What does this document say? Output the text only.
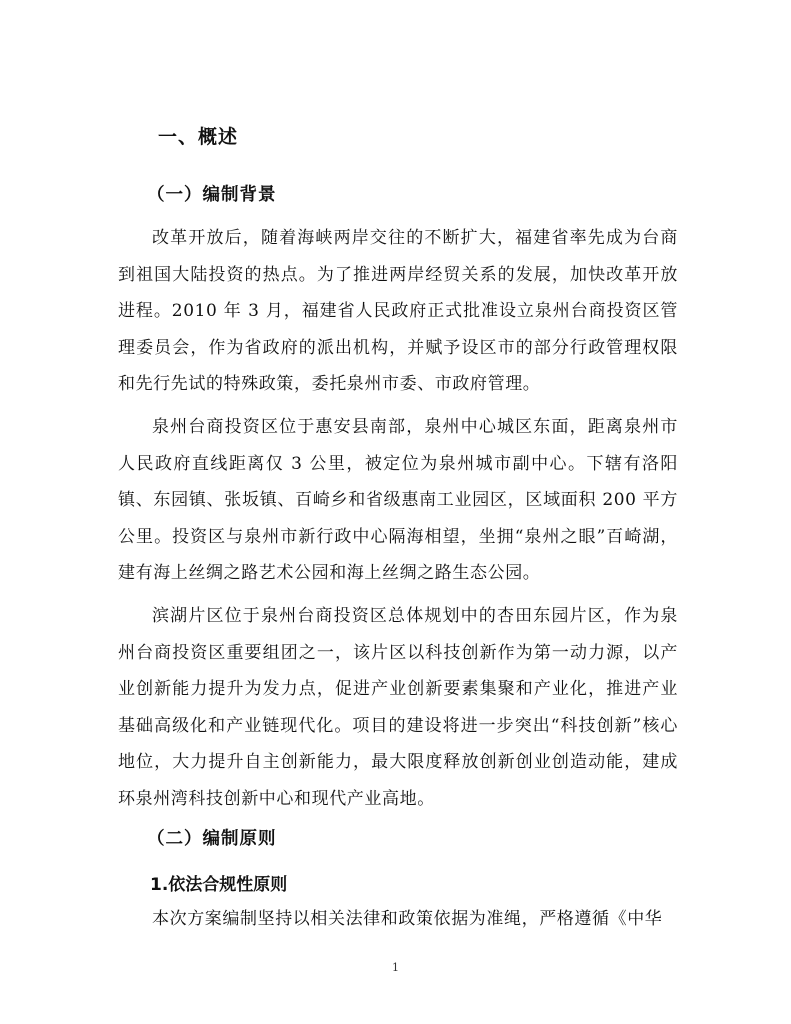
一、概述
（一）编制背景
改革开放后，随着海峡两岸交往的不断扩大，福建省率先成为台商到祖国大陆投资的热点。为了推进两岸经贸关系的发展，加快改革开放进程。2010 年 3 月，福建省人民政府正式批准设立泉州台商投资区管理委员会，作为省政府的派出机构，并赋予设区市的部分行政管理权限和先行先试的特殊政策，委托泉州市委、市政府管理。
泉州台商投资区位于惠安县南部，泉州中心城区东面，距离泉州市人民政府直线距离仅 3 公里，被定位为泉州城市副中心。下辖有洛阳镇、东园镇、张坂镇、百崎乡和省级惠南工业园区，区域面积 200 平方公里。投资区与泉州市新行政中心隔海相望，坐拥“泉州之眼”百崎湖，建有海上丝绸之路艺术公园和海上丝绸之路生态公园。
滨湖片区位于泉州台商投资区总体规划中的杏田东园片区，作为泉州台商投资区重要组团之一，该片区以科技创新作为第一动力源，以产业创新能力提升为发力点，促进产业创新要素集聚和产业化，推进产业基础高级化和产业链现代化。项目的建设将进一步突出“科技创新”核心地位，大力提升自主创新能力，最大限度释放创新创业创造动能，建成环泉州湾科技创新中心和现代产业高地。
（二）编制原则
1.依法合规性原则
本次方案编制坚持以相关法律和政策依据为准绳，严格遵循《中华
1
